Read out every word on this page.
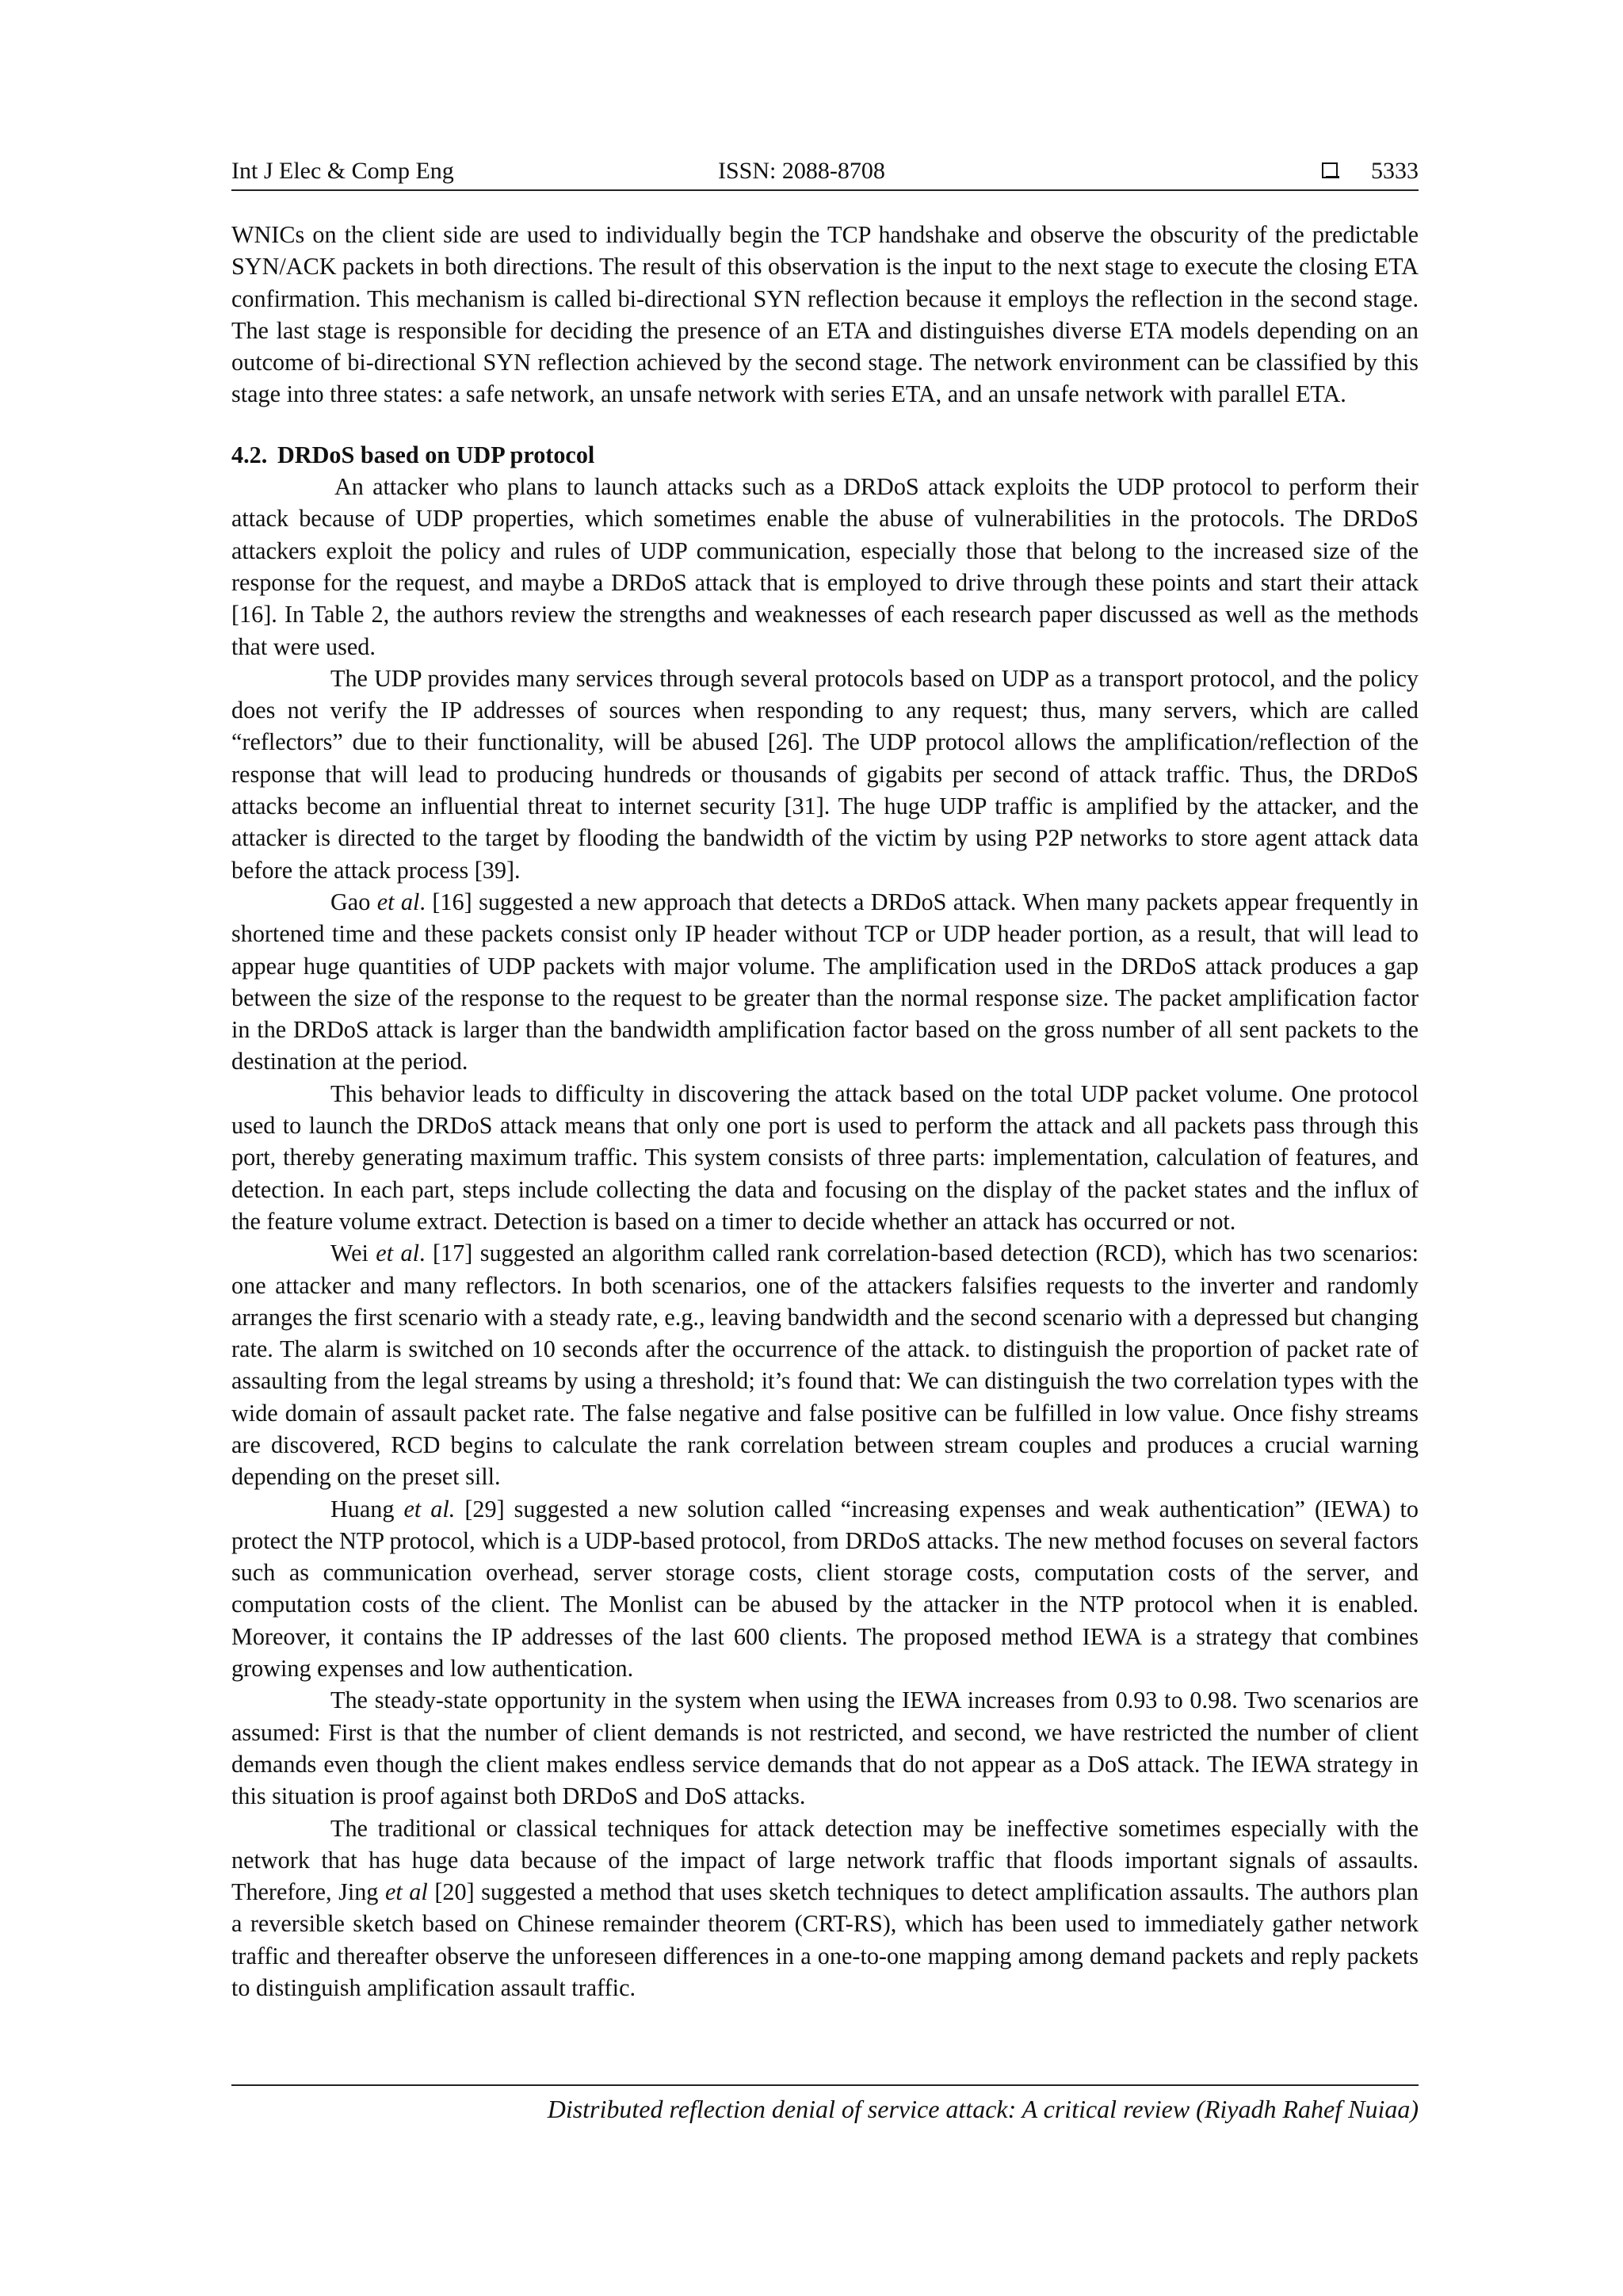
Int J Elec & Comp Eng	ISSN: 2088-8708	5333

WNICs on the client side are used to individually begin the TCP handshake and observe the obscurity of the predictable SYN/ACK packets in both directions. The result of this observation is the input to the next stage to execute the closing ETA confirmation. This mechanism is called bi-directional SYN reflection because it employs the reflection in the second stage. The last stage is responsible for deciding the presence of an ETA and distinguishes diverse ETA models depending on an outcome of bi-directional SYN reflection achieved by the second stage. The network environment can be classified by this stage into three states: a safe network, an unsafe network with series ETA, and an unsafe network with parallel ETA.

4.2. DRDoS based on UDP protocol

An attacker who plans to launch attacks such as a DRDoS attack exploits the UDP protocol to perform their attack because of UDP properties, which sometimes enable the abuse of vulnerabilities in the protocols. The DRDoS attackers exploit the policy and rules of UDP communication, especially those that belong to the increased size of the response for the request, and maybe a DRDoS attack that is employed to drive through these points and start their attack [16]. In Table 2, the authors review the strengths and weaknesses of each research paper discussed as well as the methods that were used.

The UDP provides many services through several protocols based on UDP as a transport protocol, and the policy does not verify the IP addresses of sources when responding to any request; thus, many servers, which are called “reflectors” due to their functionality, will be abused [26]. The UDP protocol allows the amplification/reflection of the response that will lead to producing hundreds or thousands of gigabits per second of attack traffic. Thus, the DRDoS attacks become an influential threat to internet security [31]. The huge UDP traffic is amplified by the attacker, and the attacker is directed to the target by flooding the bandwidth of the victim by using P2P networks to store agent attack data before the attack process [39].

Gao et al. [16] suggested a new approach that detects a DRDoS attack. When many packets appear frequently in shortened time and these packets consist only IP header without TCP or UDP header portion, as a result, that will lead to appear huge quantities of UDP packets with major volume. The amplification used in the DRDoS attack produces a gap between the size of the response to the request to be greater than the normal response size. The packet amplification factor in the DRDoS attack is larger than the bandwidth amplification factor based on the gross number of all sent packets to the destination at the period.

This behavior leads to difficulty in discovering the attack based on the total UDP packet volume. One protocol used to launch the DRDoS attack means that only one port is used to perform the attack and all packets pass through this port, thereby generating maximum traffic. This system consists of three parts: implementation, calculation of features, and detection. In each part, steps include collecting the data and focusing on the display of the packet states and the influx of the feature volume extract. Detection is based on a timer to decide whether an attack has occurred or not.

Wei et al. [17] suggested an algorithm called rank correlation-based detection (RCD), which has two scenarios: one attacker and many reflectors. In both scenarios, one of the attackers falsifies requests to the inverter and randomly arranges the first scenario with a steady rate, e.g., leaving bandwidth and the second scenario with a depressed but changing rate. The alarm is switched on 10 seconds after the occurrence of the attack. to distinguish the proportion of packet rate of assaulting from the legal streams by using a threshold; it’s found that: We can distinguish the two correlation types with the wide domain of assault packet rate. The false negative and false positive can be fulfilled in low value. Once fishy streams are discovered, RCD begins to calculate the rank correlation between stream couples and produces a crucial warning depending on the preset sill.

Huang et al. [29] suggested a new solution called “increasing expenses and weak authentication” (IEWA) to protect the NTP protocol, which is a UDP-based protocol, from DRDoS attacks. The new method focuses on several factors such as communication overhead, server storage costs, client storage costs, computation costs of the server, and computation costs of the client. The Monlist can be abused by the attacker in the NTP protocol when it is enabled. Moreover, it contains the IP addresses of the last 600 clients. The proposed method IEWA is a strategy that combines growing expenses and low authentication.

The steady-state opportunity in the system when using the IEWA increases from 0.93 to 0.98. Two scenarios are assumed: First is that the number of client demands is not restricted, and second, we have restricted the number of client demands even though the client makes endless service demands that do not appear as a DoS attack. The IEWA strategy in this situation is proof against both DRDoS and DoS attacks.

The traditional or classical techniques for attack detection may be ineffective sometimes especially with the network that has huge data because of the impact of large network traffic that floods important signals of assaults. Therefore, Jing et al [20] suggested a method that uses sketch techniques to detect amplification assaults. The authors plan a reversible sketch based on Chinese remainder theorem (CRT-RS), which has been used to immediately gather network traffic and thereafter observe the unforeseen differences in a one-to-one mapping among demand packets and reply packets to distinguish amplification assault traffic.

Distributed reflection denial of service attack: A critical review (Riyadh Rahef Nuiaa)
